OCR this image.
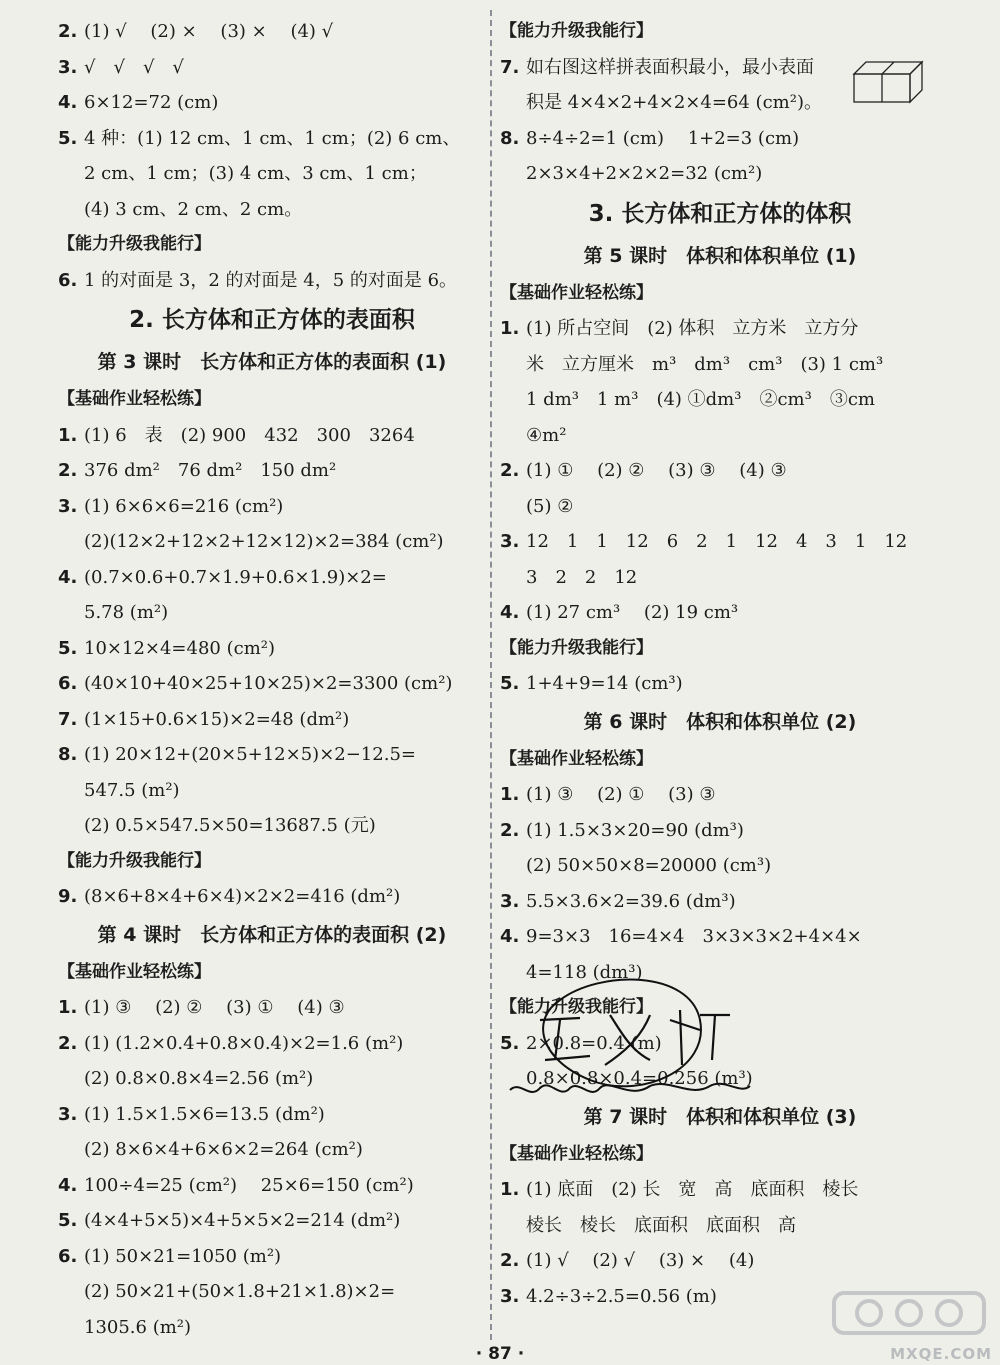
2. (1) √　 (2) ×　 (3) ×　 (4) √
3. √　√　√　√
4. 6×12=72 (cm)
5. 4 种：(1) 12 cm、1 cm、1 cm；(2) 6 cm、
2 cm、1 cm；(3) 4 cm、3 cm、1 cm；
(4) 3 cm、2 cm、2 cm。
【能力升级我能行】
6. 1 的对面是 3，2 的对面是 4，5 的对面是 6。
2. 长方体和正方体的表面积
第 3 课时　长方体和正方体的表面积 (1)
【基础作业轻松练】
1. (1) 6　表　(2) 900　432　300　3264
2. 376 dm²　76 dm²　150 dm²
3. (1) 6×6×6=216 (cm²)
(2)(12×2+12×2+12×12)×2=384 (cm²)
4. (0.7×0.6+0.7×1.9+0.6×1.9)×2=
5.78 (m²)
5. 10×12×4=480 (cm²)
6. (40×10+40×25+10×25)×2=3300 (cm²)
7. (1×15+0.6×15)×2=48 (dm²)
8. (1) 20×12+(20×5+12×5)×2−12.5=
547.5 (m²)
(2) 0.5×547.5×50=13687.5 (元)
【能力升级我能行】
9. (8×6+8×4+6×4)×2×2=416 (dm²)
第 4 课时　长方体和正方体的表面积 (2)
【基础作业轻松练】
1. (1) ③　 (2) ②　 (3) ①　 (4) ③
2. (1) (1.2×0.4+0.8×0.4)×2=1.6 (m²)
(2) 0.8×0.8×4=2.56 (m²)
3. (1) 1.5×1.5×6=13.5 (dm²)
(2) 8×6×4+6×6×2=264 (cm²)
4. 100÷4=25 (cm²)　 25×6=150 (cm²)
5. (4×4+5×5)×4+5×5×2=214 (dm²)
6. (1) 50×21=1050 (m²)
(2) 50×21+(50×1.8+21×1.8)×2=
1305.6 (m²)
【能力升级我能行】
7. 如右图这样拼表面积最小，最小表面
积是 4×4×2+4×2×4=64 (cm²)。
8. 8÷4÷2=1 (cm)　 1+2=3 (cm)
2×3×4+2×2×2=32 (cm²)
3. 长方体和正方体的体积
第 5 课时　体积和体积单位 (1)
【基础作业轻松练】
1. (1) 所占空间　(2) 体积　立方米　立方分
米　立方厘米　m³　dm³　cm³　(3) 1 cm³
1 dm³　1 m³　(4) ①dm³　②cm³　③cm
④m²
2. (1) ①　 (2) ②　 (3) ③　 (4) ③
(5) ②
3. 12　1　1　12　6　2　1　12　4　3　1　12
3　2　2　12
4. (1) 27 cm³　 (2) 19 cm³
【能力升级我能行】
5. 1+4+9=14 (cm³)
第 6 课时　体积和体积单位 (2)
【基础作业轻松练】
1. (1) ③　 (2) ①　 (3) ③
2. (1) 1.5×3×20=90 (dm³)
(2) 50×50×8=20000 (cm³)
3. 5.5×3.6×2=39.6 (dm³)
4. 9=3×3　16=4×4　3×3×3×2+4×4×
4=118 (dm³)
【能力升级我能行】
5. 2×0.8=0.4 (m)
0.8×0.8×0.4=0.256 (m³)
第 7 课时　体积和体积单位 (3)
【基础作业轻松练】
1. (1) 底面　(2) 长　宽　高　底面积　棱长
棱长　棱长　底面积　底面积　高
2. (1) √　 (2) √　 (3) ×　 (4)
3. 4.2÷3÷2.5=0.56 (m)
MXQE.COM
· 87 ·
